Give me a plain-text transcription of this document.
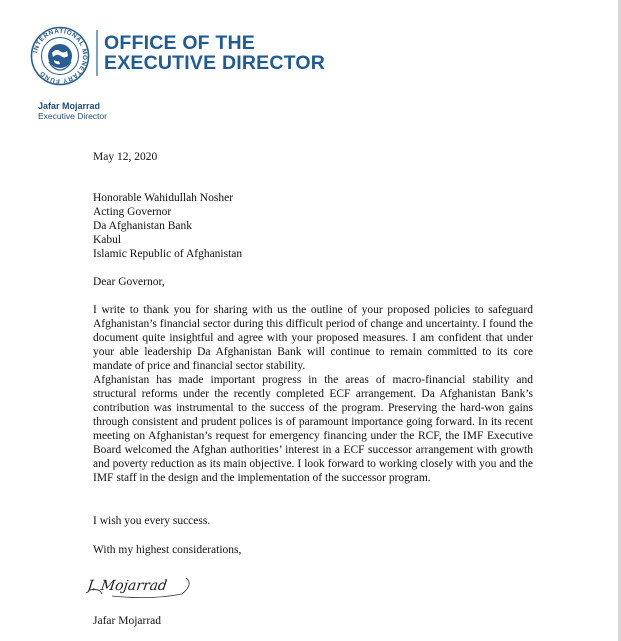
INTERNATIONAL MONETARY FUND
OFFICE OF THE
EXECUTIVE DIRECTOR
Jafar Mojarrad
Executive Director
May 12, 2020
Honorable Wahidullah Nosher
Acting Governor
Da Afghanistan Bank
Kabul
Islamic Republic of Afghanistan
Dear Governor,
I write to thank you for sharing with us the outline of your proposed policies to safeguard Afghanistan’s financial sector during this difficult period of change and uncertainty. I found the document quite insightful and agree with your proposed measures. I am confident that under your able leadership Da Afghanistan Bank will continue to remain committed to its core mandate of price and financial sector stability.
Afghanistan has made important progress in the areas of macro-financial stability and structural reforms under the recently completed ECF arrangement. Da Afghanistan Bank’s contribution was instrumental to the success of the program. Preserving the hard-won gains through consistent and prudent polices is of paramount importance going forward. In its recent meeting on Afghanistan’s request for emergency financing under the RCF, the IMF Executive Board welcomed the Afghan authorities’ interest in a ECF successor arrangement with growth and poverty reduction as its main objective. I look forward to working closely with you and the IMF staff in the design and the implementation of the successor program.
I wish you every success.
With my highest considerations,
J. Mojarrad
Jafar Mojarrad
